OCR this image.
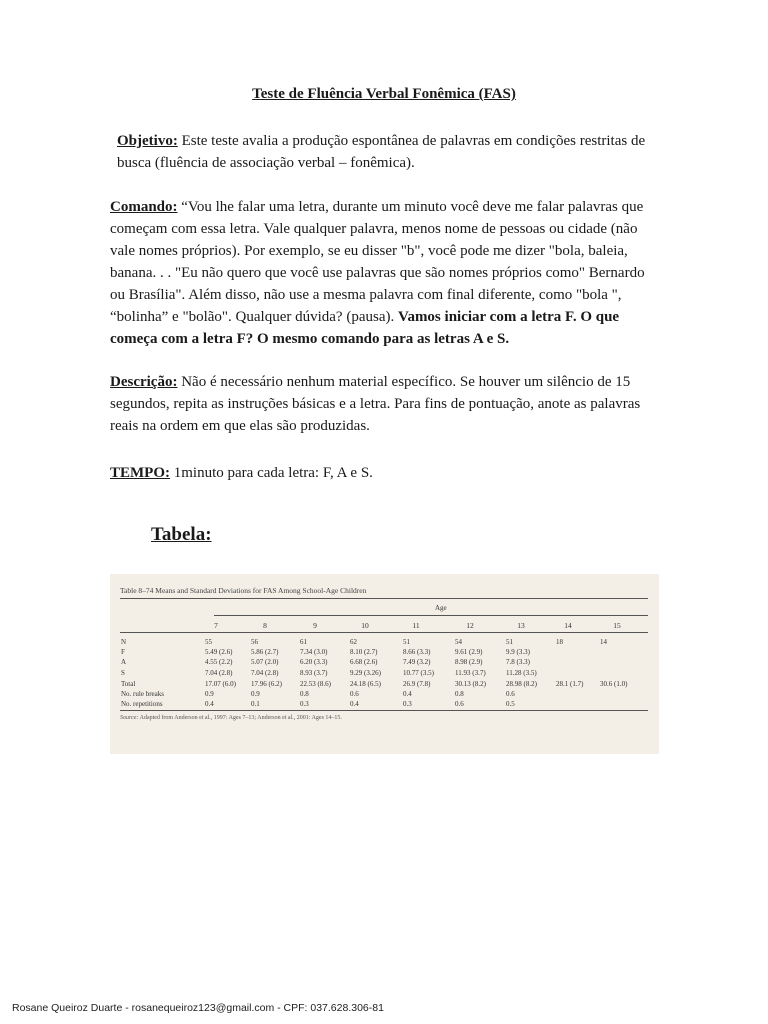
Teste de Fluência Verbal Fonêmica (FAS)
Objetivo: Este teste avalia a produção espontânea de palavras em condições restritas de busca (fluência de associação verbal – fonêmica).
Comando: “Vou lhe falar uma letra, durante um minuto você deve me falar palavras que começam com essa letra. Vale qualquer palavra, menos nome de pessoas ou cidade (não vale nomes próprios). Por exemplo, se eu disser "b", você pode me dizer "bola, baleia, banana. . . "Eu não quero que você use palavras que são nomes próprios como" Bernardo ou Brasília". Além disso, não use a mesma palavra com final diferente, como "bola ", “bolinha” e "bolão". Qualquer dúvida? (pausa). Vamos iniciar com a letra F. O que começa com a letra F? O mesmo comando para as letras A e S.
Descrição: Não é necessário nenhum material específico. Se houver um silêncio de 15 segundos, repita as instruções básicas e a letra. Para fins de pontuação, anote as palavras reais na ordem em que elas são produzidas.
TEMPO: 1minuto para cada letra: F, A e S.
Tabela:
Table 8–74 Means and Standard Deviations for FAS Among School-Age Children
Age
Source: Adapted from Anderson et al., 1997: Ages 7–13; Anderson et al., 2001: Ages 14–15.
7	8	9	10	11	12	13	14	15
N	55	56	61	62	51	54	51	18	14
F	5.49 (2.6)	5.86 (2.7)	7.34 (3.0)	8.10 (2.7)	8.66 (3.3)	9.61 (2.9)	9.9 (3.3)
A	4.55 (2.2)	5.07 (2.0)	6.20 (3.3)	6.68 (2.6)	7.49 (3.2)	8.98 (2.9)	7.8 (3.3)
S	7.04 (2.8)	7.04 (2.8)	8.93 (3.7)	9.29 (3.26)	10.77 (3.5)	11.93 (3.7)	11.28 (3.5)
Total	17.07 (6.0) 17.96 (6.2)	22.53 (8.6)	24.18 (6.5)	26.9 (7.8)	30.13 (8.2)	28.98 (8.2)	28.1 (1.7) 30.6 (1.0)
No. rule breaks	0.9	0.9	0.8	0.6	0.4	0.8	0.6
No. repetitions	0.4	0.1	0.3	0.4	0.3	0.6	0.5
Rosane Queiroz Duarte - rosanequeiroz123@gmail.com - CPF: 037.628.306-81
